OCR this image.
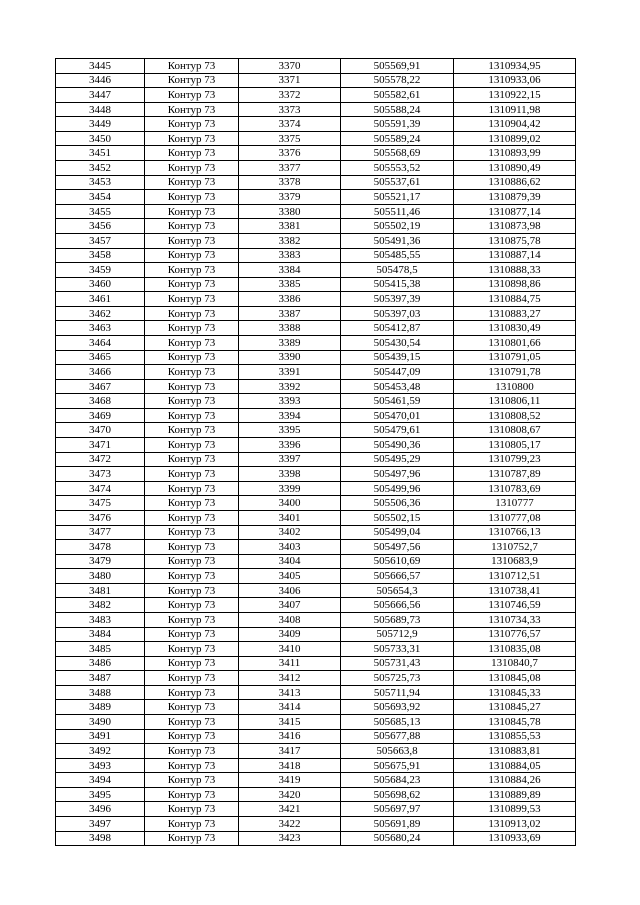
3445	Контур 73	3370	505569,91	1310934,95
3446	Контур 73	3371	505578,22	1310933,06
3447	Контур 73	3372	505582,61	1310922,15
3448	Контур 73	3373	505588,24	1310911,98
3449	Контур 73	3374	505591,39	1310904,42
3450	Контур 73	3375	505589,24	1310899,02
3451	Контур 73	3376	505568,69	1310893,99
3452	Контур 73	3377	505553,52	1310890,49
3453	Контур 73	3378	505537,61	1310886,62
3454	Контур 73	3379	505521,17	1310879,39
3455	Контур 73	3380	505511,46	1310877,14
3456	Контур 73	3381	505502,19	1310873,98
3457	Контур 73	3382	505491,36	1310875,78
3458	Контур 73	3383	505485,55	1310887,14
3459	Контур 73	3384	505478,5	1310888,33
3460	Контур 73	3385	505415,38	1310898,86
3461	Контур 73	3386	505397,39	1310884,75
3462	Контур 73	3387	505397,03	1310883,27
3463	Контур 73	3388	505412,87	1310830,49
3464	Контур 73	3389	505430,54	1310801,66
3465	Контур 73	3390	505439,15	1310791,05
3466	Контур 73	3391	505447,09	1310791,78
3467	Контур 73	3392	505453,48	1310800
3468	Контур 73	3393	505461,59	1310806,11
3469	Контур 73	3394	505470,01	1310808,52
3470	Контур 73	3395	505479,61	1310808,67
3471	Контур 73	3396	505490,36	1310805,17
3472	Контур 73	3397	505495,29	1310799,23
3473	Контур 73	3398	505497,96	1310787,89
3474	Контур 73	3399	505499,96	1310783,69
3475	Контур 73	3400	505506,36	1310777
3476	Контур 73	3401	505502,15	1310777,08
3477	Контур 73	3402	505499,04	1310766,13
3478	Контур 73	3403	505497,56	1310752,7
3479	Контур 73	3404	505610,69	1310683,9
3480	Контур 73	3405	505666,57	1310712,51
3481	Контур 73	3406	505654,3	1310738,41
3482	Контур 73	3407	505666,56	1310746,59
3483	Контур 73	3408	505689,73	1310734,33
3484	Контур 73	3409	505712,9	1310776,57
3485	Контур 73	3410	505733,31	1310835,08
3486	Контур 73	3411	505731,43	1310840,7
3487	Контур 73	3412	505725,73	1310845,08
3488	Контур 73	3413	505711,94	1310845,33
3489	Контур 73	3414	505693,92	1310845,27
3490	Контур 73	3415	505685,13	1310845,78
3491	Контур 73	3416	505677,88	1310855,53
3492	Контур 73	3417	505663,8	1310883,81
3493	Контур 73	3418	505675,91	1310884,05
3494	Контур 73	3419	505684,23	1310884,26
3495	Контур 73	3420	505698,62	1310889,89
3496	Контур 73	3421	505697,97	1310899,53
3497	Контур 73	3422	505691,89	1310913,02
3498	Контур 73	3423	505680,24	1310933,69
